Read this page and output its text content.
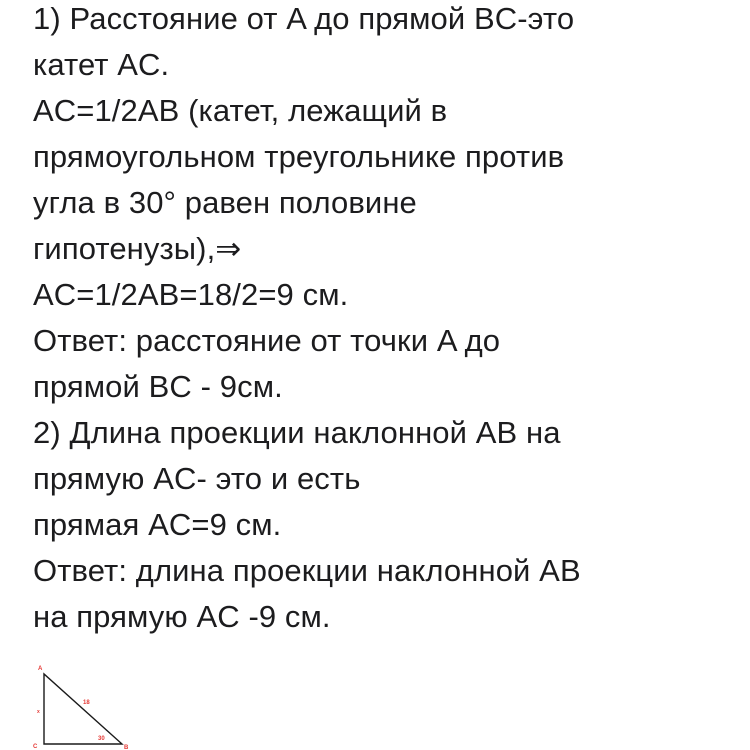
1) Расстояние от A до прямой BC-это
катет AC.
AC=1/2AB (катет, лежащий в
прямоугольном треугольнике против
угла в 30° равен половине
гипотенузы),⇒
AC=1/2AB=18/2=9 см.
Ответ: расстояние от точки A до
прямой BC - 9см.
2) Длина проекции наклонной AB на
прямую AC- это и есть
прямая AC=9 см.
Ответ: длина проекции наклонной AB
на прямую AC -9 см.
A
C	B
18
30
x
